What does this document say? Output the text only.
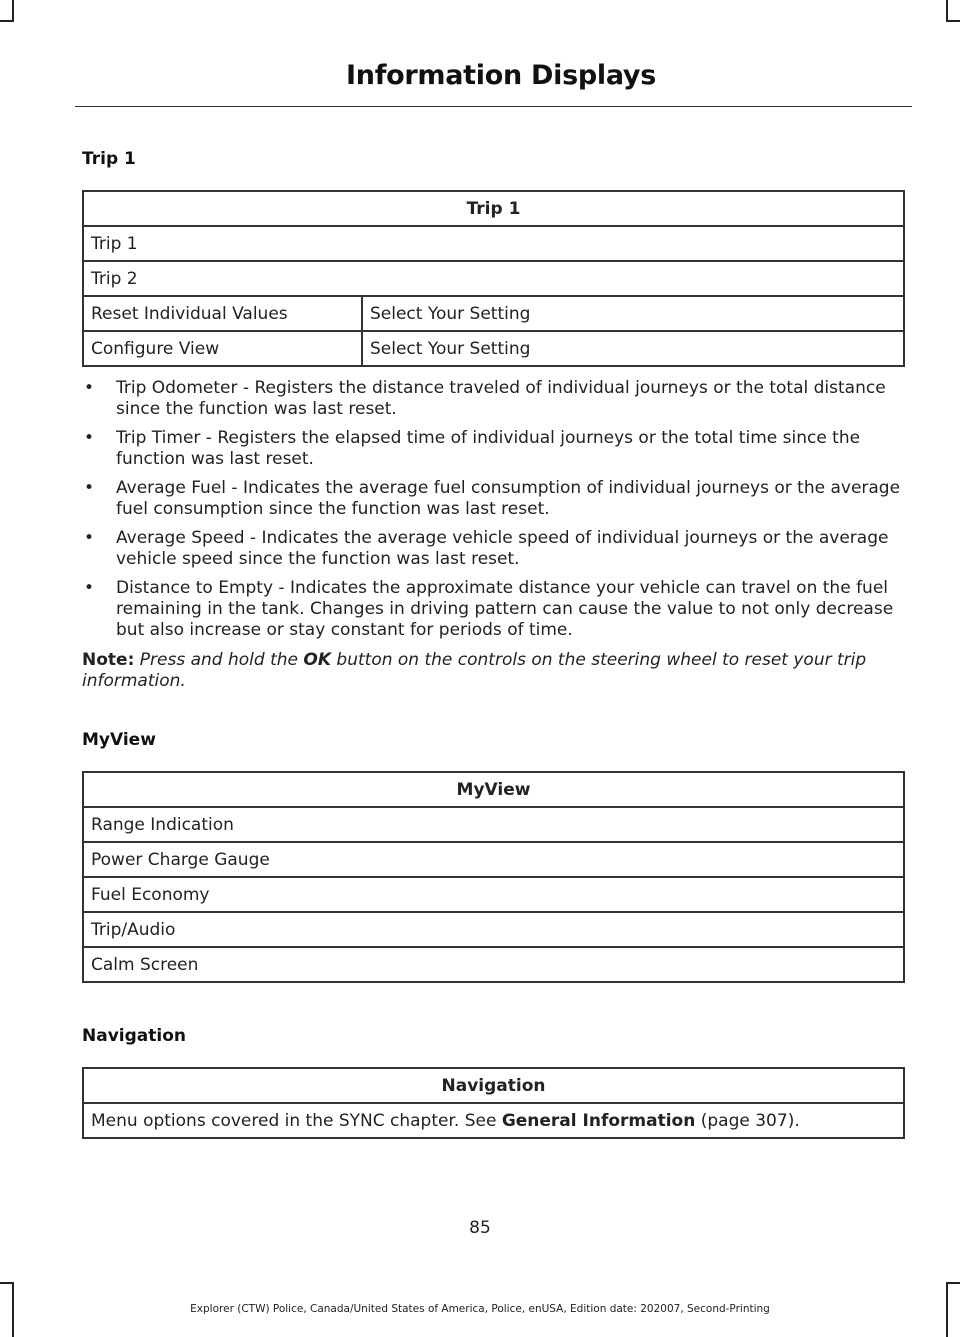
Information Displays
Trip 1
Trip 1	
Trip 1	
Trip 2	
Reset Individual Values	Select Your Setting
Configure View	Select Your Setting
• Trip Odometer - Registers the distance traveled of individual journeys or the total distance since the function was last reset.
• Trip Timer - Registers the elapsed time of individual journeys or the total time since the function was last reset.
• Average Fuel - Indicates the average fuel consumption of individual journeys or the average fuel consumption since the function was last reset.
• Average Speed - Indicates the average vehicle speed of individual journeys or the average vehicle speed since the function was last reset.
• Distance to Empty - Indicates the approximate distance your vehicle can travel on the fuel remaining in the tank. Changes in driving pattern can cause the value to not only decrease but also increase or stay constant for periods of time.
Note: Press and hold the OK button on the controls on the steering wheel to reset your trip information.
MyView
MyView
Range Indication
Power Charge Gauge
Fuel Economy
Trip/Audio
Calm Screen
Navigation
Navigation
Menu options covered in the SYNC chapter. See General Information (page 307).
85
Explorer (CTW) Police, Canada/United States of America, Police, enUSA, Edition date: 202007, Second-Printing
